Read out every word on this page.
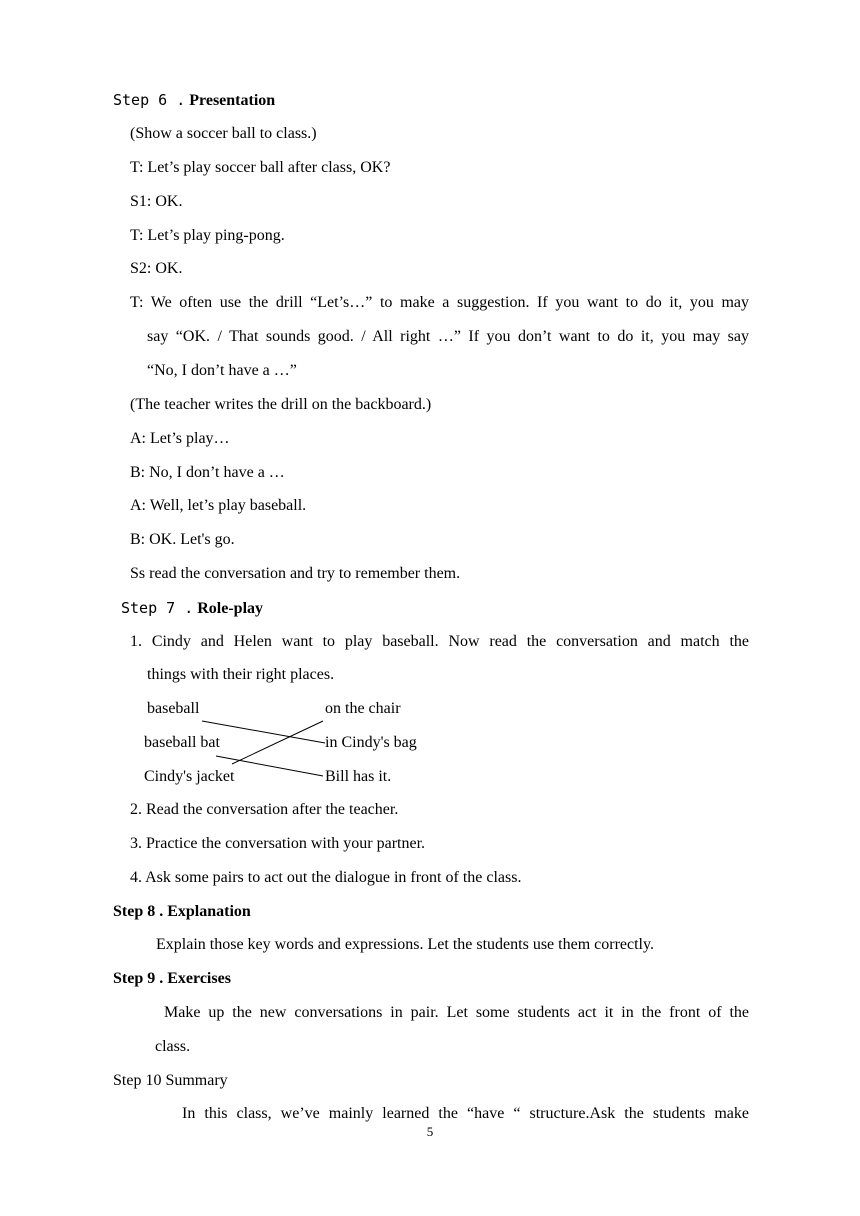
Step 6 . Presentation
(Show a soccer ball to class.)
T: Let’s play soccer ball after class, OK?
S1: OK.
T: Let’s play ping-pong.
S2: OK.
T: We often use the drill “Let’s…” to make a suggestion. If you want to do it, you may
say “OK. / That sounds good. / All right …” If you don’t want to do it, you may say
“No, I don’t have a …”
(The teacher writes the drill on the backboard.)
A: Let’s play…
B: No, I don’t have a …
A: Well, let’s play baseball.
B: OK. Let's go.
Ss read the conversation and try to remember them.
Step 7 . Role-play
1. Cindy and Helen want to play baseball. Now read the conversation and match the
things with their right places.
baseball
baseball bat
Cindy's jacket
on the chair
in Cindy's bag
Bill has it.
2. Read the conversation after the teacher.
3. Practice the conversation with your partner.
4. Ask some pairs to act out the dialogue in front of the class.
Step 8 . Explanation
Explain those key words and expressions. Let the students use them correctly.
Step 9 . Exercises
Make up the new conversations in pair. Let some students act it in the front of the
class.
Step 10 Summary
In this class, we’ve mainly learned the “have “ structure.Ask the students make
5
